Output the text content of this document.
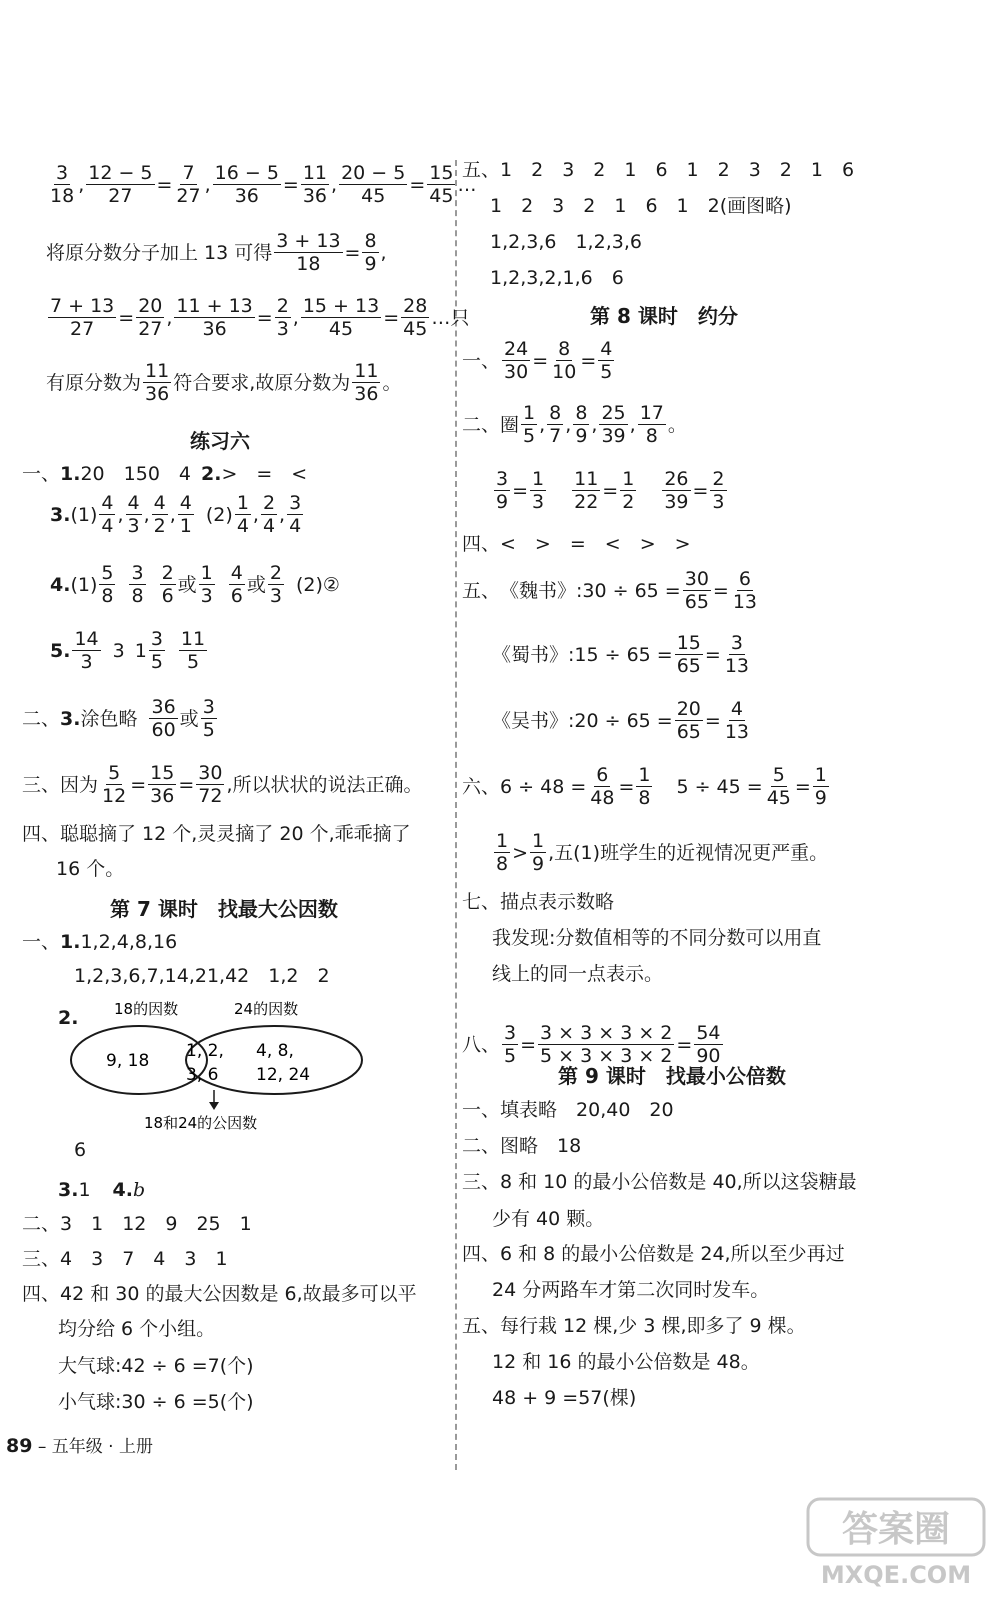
$\frac{3}{18}$ , $\frac{12 - 5}{27} = \frac{7}{27}$ , $\frac{16 - 5}{36} = \frac{11}{36}$ , $\frac{20 - 5}{45} = \frac{15}{45}$ …
将原分数分子加上 13 可得 $\frac{3 + 13}{18} = \frac{8}{9}$ ,
$\frac{7 + 13}{27} = \frac{20}{27}$ , $\frac{11 + 13}{36} = \frac{2}{3}$ , $\frac{15 + 13}{45} = \frac{28}{45}$ …只
有原分数为 $\frac{11}{36}$ 符合要求,故原分数为 $\frac{11}{36}$ 。
练习六
一、 1. 20　150　4 2. >　=　<
3. $(1) \frac{4}{4}$ , $\frac{4}{3}$ , $\frac{4}{2}$ , $\frac{4}{1} (2) \frac{1}{4}$ , $\frac{2}{4}$ , $\frac{3}{4}$
4. $(1) \frac{5}{8} \frac{3}{8} \frac{2}{6}$ 或 $\frac{1}{3} \frac{4}{6}$ 或 $\frac{2}{3}$ (2)②
5. $\frac{14}{3} 3$ $1 \frac{3}{5} \frac{11}{5}$
二、 3. 涂色略 $\frac{36}{60}$ 或 $\frac{3}{5}$
三、 因为 $\frac{5}{12} = \frac{15}{36} = \frac{30}{72}$ ,所以状状的说法正确。
四、 聪聪摘了 12 个,灵灵摘了 20 个,乖乖摘了
16 个。
第 7 课时　找最大公因数
一、 1. 1,2,4,8,16
1,2,3,6,7,14,21,42　1,2　2
2. 18的因数	24的因数
9, 18 1, 2,
3, 6
4, 8,
12, 24
18和24的公因数
6
3. 1 4. b
二、 3　1　12　9　25　1
三、 4　3　7　4　3　1
四、 42 和 30 的最大公因数是 6,故最多可以平
均分给 6 个小组。
大气球:42 ÷ 6 =7(个)
小气球:30 ÷ 6 =5(个)
五、 1　2　3　2　1　6　1　2　3　2　1　6
1　2　3　2　1　6　1　2(画图略)
1,2,3,6　1,2,3,6
1,2,3,2,1,6　6
第 8 课时　约分
一、 $\frac{24}{30} = \frac{8}{10} = \frac{4}{5}$
二、 圈 $\frac{1}{5}$ , $\frac{8}{7}$ , $\frac{8}{9}$ , $\frac{25}{39}$ , $\frac{17}{8}$ 。
$\frac{3}{9} = \frac{1}{3} \frac{11}{22} = \frac{1}{2} \frac{26}{39} = \frac{2}{3}$
四、 <　>　=　<　>　>
五、 《魏书》:30 ÷ $65 = \frac{30}{65} = \frac{6}{13}$
《蜀书》:15 ÷ $65 = \frac{15}{65} = \frac{3}{13}$
《吴书》:20 ÷ $65 = \frac{20}{65} = \frac{4}{13}$
六、 $6 \div 48 = \frac{6}{48} = \frac{1}{8} 5 \div 45 = \frac{5}{45} = \frac{1}{9}$
$\frac{1}{8} > \frac{1}{9}$ ,五(1)班学生的近视情况更严重。
七、 描点表示数略
我发现:分数值相等的不同分数可以用直
线上的同一点表示。
八、 $\frac{3}{5} = \frac{3 \times 3 \times 3 \times 2}{5 \times 3 \times 3 \times 2} = \frac{54}{90}$
第 9 课时　找最小公倍数
一、 填表略　20,40　20
二、 图略　18
三、 8 和 10 的最小公倍数是 40,所以这袋糖最
少有 40 颗。
四、 6 和 8 的最小公倍数是 24,所以至少再过
24 分两路车才第二次同时发车。
五、 每行栽 12 棵,少 3 棵,即多了 9 棵。
12 和 16 的最小公倍数是 48。
48 + 9 =57(棵)
89 – 五年级 · 上册
答案圈
MXQE.COM
